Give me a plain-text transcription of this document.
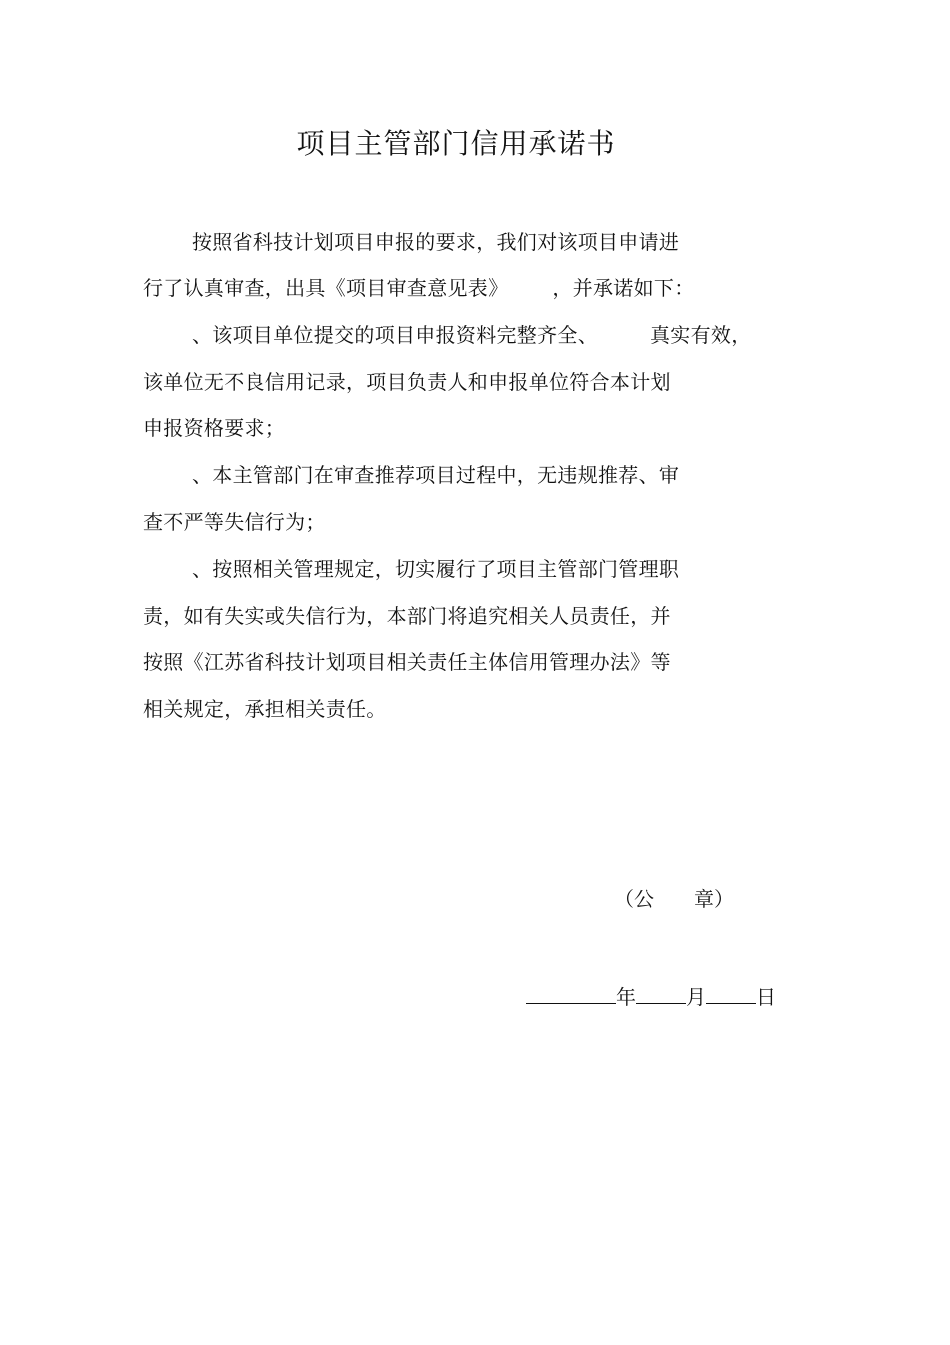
项目主管部门信用承诺书
按照省科技计划项目申报的要求，我们对该项目申请进
行了认真审查，出具《项目审查意见表》 ，并承诺如下：
、该项目单位提交的项目申报资料完整齐全、	真实有效，
该单位无不良信用记录，项目负责人和申报单位符合本计划
申报资格要求；
、本主管部门在审查推荐项目过程中，无违规推荐、审
查不严等失信行为；
、按照相关管理规定，切实履行了项目主管部门管理职
责，如有失实或失信行为，本部门将追究相关人员责任，并
按照《江苏省科技计划项目相关责任主体信用管理办法》等
相关规定，承担相关责任。
（公 章）
年	月	日
